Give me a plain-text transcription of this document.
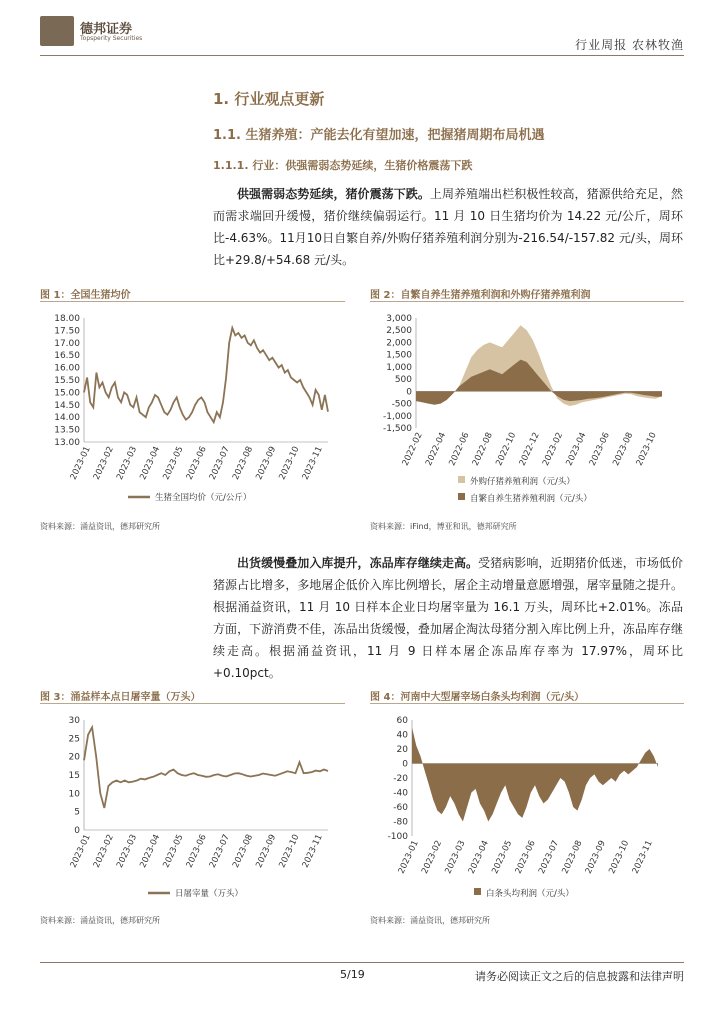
德邦证券
Topsperity Securities	行业周报 农林牧渔
1. 行业观点更新
1.1. 生猪养殖：产能去化有望加速，把握猪周期布局机遇
1.1.1. 行业：供强需弱态势延续，生猪价格震荡下跌
供强需弱态势延续，猪价震荡下跌。上周养殖端出栏积极性较高，猪源供给充足，然而需求端回升缓慢，猪价继续偏弱运行。11 月 10 日生猪均价为 14.22 元/公斤，周环比-4.63%。11月10日自繁自养/外购仔猪养殖利润分别为-216.54/-157.82 元/头，周环比+29.8/+54.68 元/头。
图 1：全国生猪均价
13.00
13.50
14.00
14.50
15.00
15.50
16.00
16.50
17.00
17.50
18.00
2023-01 2023-02 2023-03 2023-04 2023-05 2023-06 2023-07 2023-08 2023-09 2023-10 2023-11
生猪全国均价（元/公斤）
资料来源：涌益资讯，德邦研究所
图 2：自繁自养生猪养殖利润和外购仔猪养殖利润
-1,500
-1,000
-500
0
500
1,000
1,500
2,000
2,500
3,000
2022-02 2022-04 2022-06 2022-08 2022-10 2022-12 2023-02 2023-04 2023-06 2023-08 2023-10
外购仔猪养殖利润（元/头）
自繁自养生猪养殖利润（元/头）
资料来源：iFind，博亚和讯，德邦研究所
出货缓慢叠加入库提升，冻品库存继续走高。受猪病影响，近期猪价低迷，市场低价猪源占比增多，多地屠企低价入库比例增长，屠企主动增量意愿增强，屠宰量随之提升。根据涌益资讯，11 月 10 日样本企业日均屠宰量为 16.1 万头，周环比+2.01%。冻品方面，下游消费不佳，冻品出货缓慢，叠加屠企淘汰母猪分割入库比例上升，冻品库存继续走高。根据涌益资讯，11 月 9 日样本屠企冻品库存率为 17.97%，周环比+0.10pct。
图 3：涌益样本点日屠宰量（万头）
0
5
10
15
20
25
30
2023-01 2023-02 2023-03 2023-04 2023-05 2023-06 2023-07 2023-08 2023-09 2023-10 2023-11
日屠宰量（万头）
资料来源：涌益资讯，德邦研究所
图 4：河南中大型屠宰场白条头均利润（元/头）
-100
-80
-60
-40
-20
0
20
40
60
2023-01 2023-02 2023-03 2023-04 2023-05 2023-06 2023-07 2023-08 2023-09 2023-10 2023-11
白条头均利润（元/头）
资料来源：涌益资讯，德邦研究所
5/19	请务必阅读正文之后的信息披露和法律声明
